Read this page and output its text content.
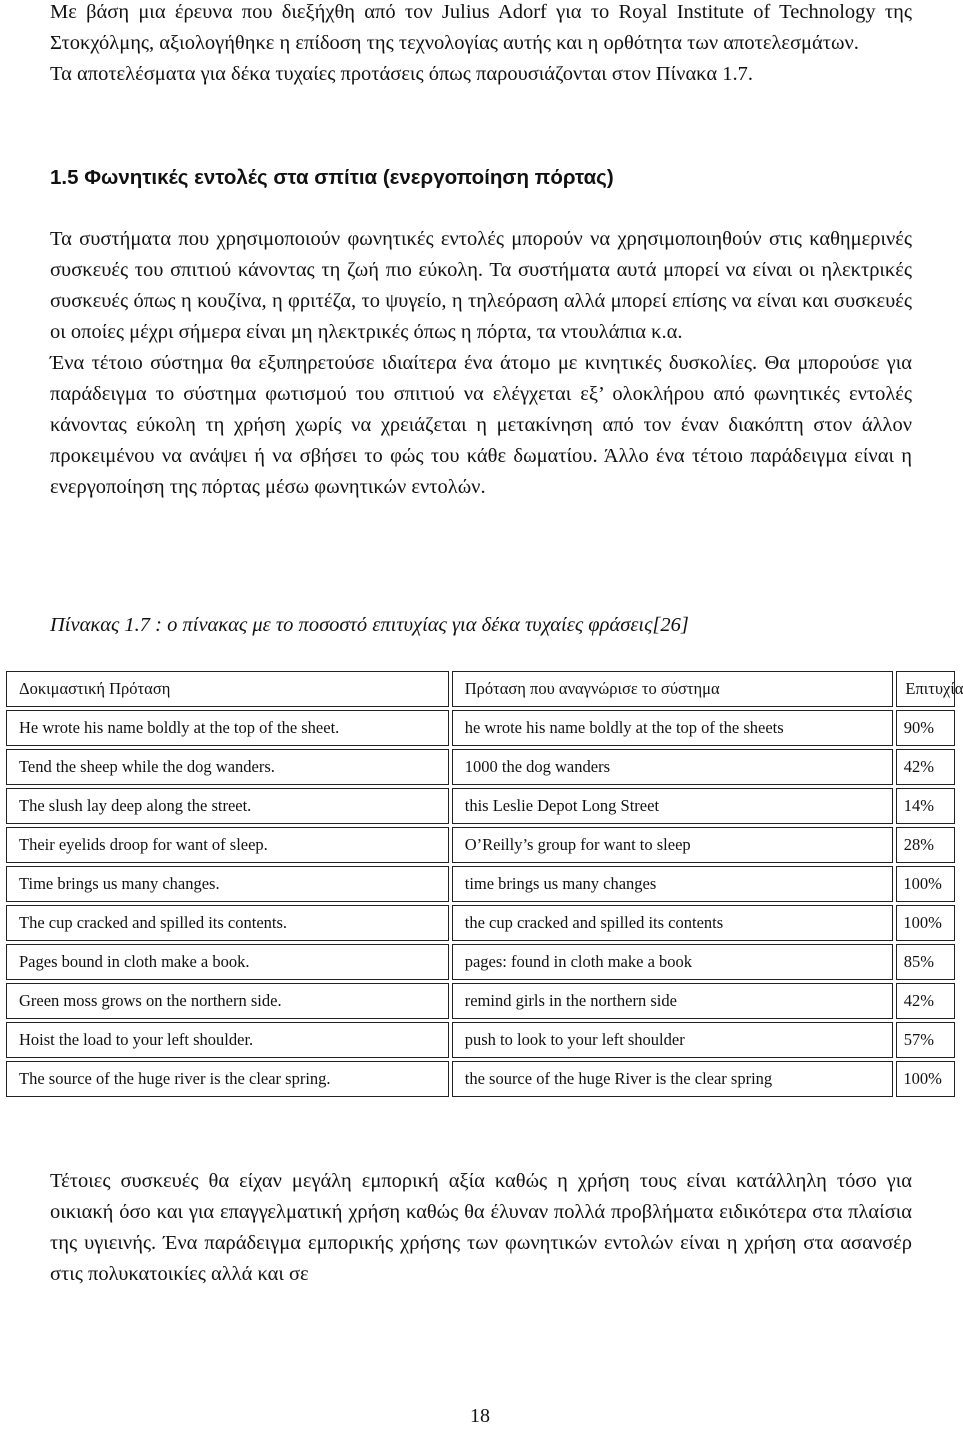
Με βάση μια έρευνα που διεξήχθη από τον Julius Adorf για το Royal Institute of Technology της Στοκχόλμης, αξιολογήθηκε η επίδοση της τεχνολογίας αυτής και η ορθότητα των αποτελεσμάτων.
Τα αποτελέσματα για δέκα τυχαίες προτάσεις όπως παρουσιάζονται στον Πίνακα 1.7.
1.5 Φωνητικές εντολές στα σπίτια (ενεργοποίηση πόρτας)
Τα συστήματα που χρησιμοποιούν φωνητικές εντολές μπορούν να χρησιμοποιηθούν στις καθημερινές συσκευές του σπιτιού κάνοντας τη ζωή πιο εύκολη. Τα συστήματα αυτά μπορεί να είναι οι ηλεκτρικές συσκευές όπως η κουζίνα, η φριτέζα, το ψυγείο, η τηλεόραση αλλά μπορεί επίσης να είναι και συσκευές οι οποίες μέχρι σήμερα είναι μη ηλεκτρικές όπως η πόρτα, τα ντουλάπια κ.α.
Ένα τέτοιο σύστημα θα εξυπηρετούσε ιδιαίτερα ένα άτομο με κινητικές δυσκολίες. Θα μπορούσε για παράδειγμα το σύστημα φωτισμού του σπιτιού να ελέγχεται εξ’ ολοκλήρου από φωνητικές εντολές κάνοντας εύκολη τη χρήση χωρίς να χρειάζεται η μετακίνηση από τον έναν διακόπτη στον άλλον προκειμένου να ανάψει ή να σβήσει το φώς του κάθε δωματίου. Άλλο ένα τέτοιο παράδειγμα είναι η ενεργοποίηση της πόρτας μέσω φωνητικών εντολών.
Πίνακας 1.7 : ο πίνακας με το ποσοστό επιτυχίας για δέκα τυχαίες φράσεις[26]
Δοκιμαστική Πρόταση	Πρόταση που αναγνώρισε το σύστημα	Επιτυχία
He wrote his name boldly at the top of the sheet.	he wrote his name boldly at the top of the sheets	90%
Tend the sheep while the dog wanders.	1000 the dog wanders	42%
The slush lay deep along the street.	this Leslie Depot Long Street	14%
Their eyelids droop for want of sleep.	O’Reilly’s group for want to sleep	28%
Time brings us many changes.	time brings us many changes	100%
The cup cracked and spilled its contents.	the cup cracked and spilled its contents	100%
Pages bound in cloth make a book.	pages: found in cloth make a book	85%
Green moss grows on the northern side.	remind girls in the northern side	42%
Hoist the load to your left shoulder.	push to look to your left shoulder	57%
The source of the huge river is the clear spring.	the source of the huge River is the clear spring	100%
Τέτοιες συσκευές θα είχαν μεγάλη εμπορική αξία καθώς η χρήση τους είναι κατάλληλη τόσο για οικιακή όσο και για επαγγελματική χρήση καθώς θα έλυναν πολλά προβλήματα ειδικότερα στα πλαίσια της υγιεινής. Ένα παράδειγμα εμπορικής χρήσης των φωνητικών εντολών είναι η χρήση στα ασανσέρ στις πολυκατοικίες αλλά και σε
18
